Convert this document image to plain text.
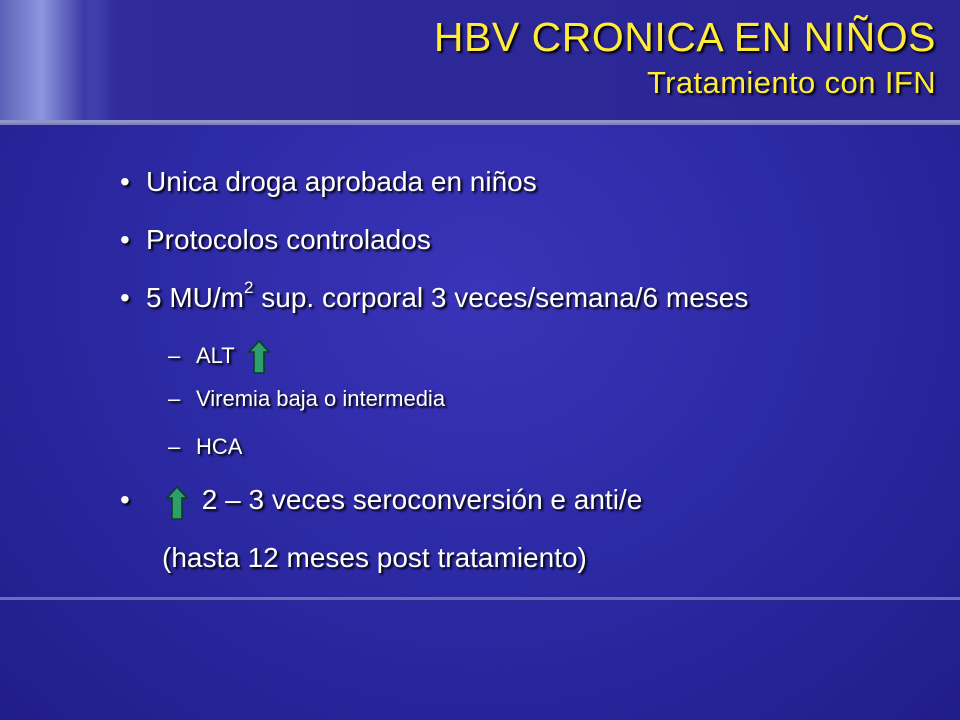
HBV CRONICA EN NIÑOS
Tratamiento con IFN
• Unica droga aprobada en niños
• Protocolos controlados
• 5 $MU/m^2$ sup. corporal 3 veces/semana/6 meses
– ALT
– Viremia baja o intermedia
– HCA
•	2 – 3 veces seroconversión e anti/e
(hasta 12 meses post tratamiento)
